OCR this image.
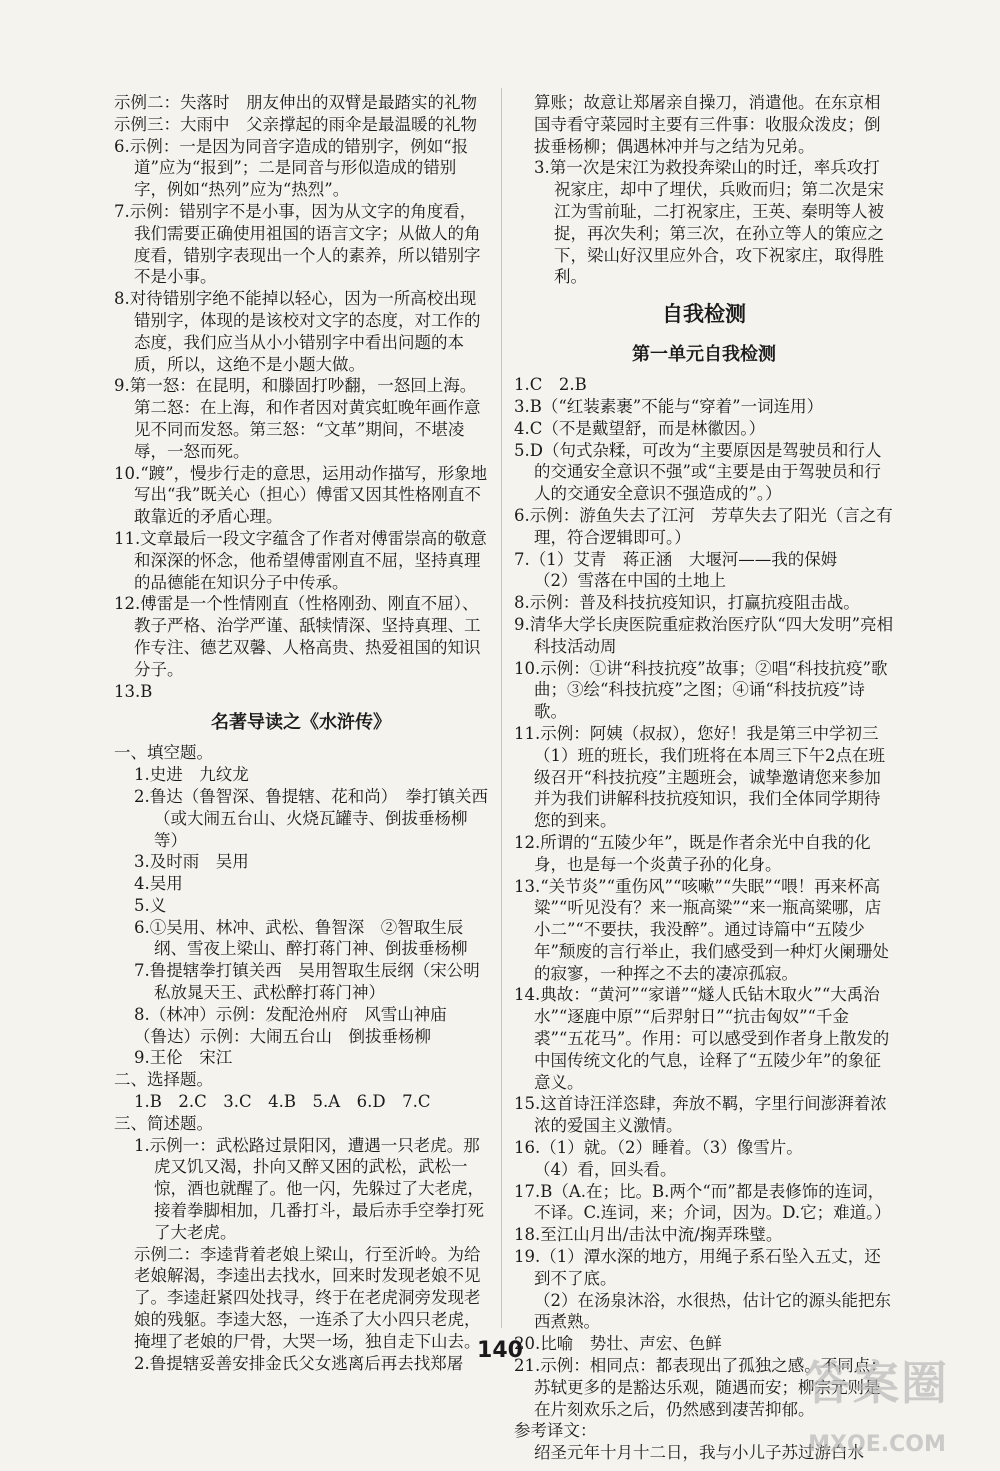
示例二：失落时　朋友伸出的双臂是最踏实的礼物

示例三：大雨中　父亲撑起的雨伞是最温暖的礼物

6.示例：一是因为同音字造成的错别字，例如“报道”应为“报到”；二是同音与形似造成的错别字，例如“热列”应为“热烈”。

7.示例：错别字不是小事，因为从文字的角度看，我们需要正确使用祖国的语言文字；从做人的角度看，错别字表现出一个人的素养，所以错别字不是小事。

8.对待错别字绝不能掉以轻心，因为一所高校出现错别字，体现的是该校对文字的态度，对工作的态度，我们应当从小小错别字中看出问题的本质，所以，这绝不是小题大做。

9.第一怒：在昆明，和滕固打吵翻，一怒回上海。第二怒：在上海，和作者因对黄宾虹晚年画作意见不同而发怒。第三怒：“文革”期间，不堪凌辱，一怒而死。

10.“踱”，慢步行走的意思，运用动作描写，形象地写出“我”既关心（担心）傅雷又因其性格刚直不敢靠近的矛盾心理。

11.文章最后一段文字蕴含了作者对傅雷崇高的敬意和深深的怀念，他希望傅雷刚直不屈，坚持真理的品德能在知识分子中传承。

12.傅雷是一个性情刚直（性格刚劲、刚直不屈）、教子严格、治学严谨、舐犊情深、坚持真理、工作专注、德艺双馨、人格高贵、热爱祖国的知识分子。

13.B

名著导读之《水浒传》

一、填空题。

1.史进　九纹龙

2.鲁达（鲁智深、鲁提辖、花和尚）　拳打镇关西（或大闹五台山、火烧瓦罐寺、倒拔垂杨柳等）

3.及时雨　吴用

4.吴用

5.义

6.①吴用、林冲、武松、鲁智深　②智取生辰纲、雪夜上梁山、醉打蒋门神、倒拔垂杨柳

7.鲁提辖拳打镇关西　吴用智取生辰纲（宋公明私放晁天王、武松醉打蒋门神）

8.（林冲）示例：发配沧州府　风雪山神庙

（鲁达）示例：大闹五台山　倒拔垂杨柳

9.王伦　宋江

二、选择题。

1.B　2.C　3.C　4.B　5.A　6.D　7.C

三、简述题。

1.示例一：武松路过景阳冈，遭遇一只老虎。那虎又饥又渴，扑向又醉又困的武松，武松一惊，酒也就醒了。他一闪，先躲过了大老虎，接着拳脚相加，几番打斗，最后赤手空拳打死了大老虎。

示例二：李逵背着老娘上梁山，行至沂岭。为给老娘解渴，李逵出去找水，回来时发现老娘不见了。李逵赶紧四处找寻，终于在老虎洞旁发现老娘的残躯。李逵大怒，一连杀了大小四只老虎，掩埋了老娘的尸骨，大哭一场，独自走下山去。

2.鲁提辖妥善安排金氏父女逃离后再去找郑屠

算账；故意让郑屠亲自操刀，消遣他。在东京相国寺看守菜园时主要有三件事：收服众泼皮；倒拔垂杨柳；偶遇林冲并与之结为兄弟。

3.第一次是宋江为救投奔梁山的时迁，率兵攻打祝家庄，却中了埋伏，兵败而归；第二次是宋江为雪前耻，二打祝家庄，王英、秦明等人被捉，再次失利；第三次，在孙立等人的策应之下，梁山好汉里应外合，攻下祝家庄，取得胜利。

自我检测

第一单元自我检测

1.C　2.B

3.B（“红装素裹”不能与“穿着”一词连用）

4.C（不是戴望舒，而是林徽因。）

5.D（句式杂糅，可改为“主要原因是驾驶员和行人的交通安全意识不强”或“主要是由于驾驶员和行人的交通安全意识不强造成的”。）

6.示例：游鱼失去了江河　芳草失去了阳光（言之有理，符合逻辑即可。）

7.（1）艾青　蒋正涵　大堰河——我的保姆

（2）雪落在中国的土地上

8.示例：普及科技抗疫知识，打赢抗疫阻击战。

9.清华大学长庚医院重症救治医疗队“四大发明”亮相科技活动周

10.示例：①讲“科技抗疫”故事；②唱“科技抗疫”歌曲；③绘“科技抗疫”之图；④诵“科技抗疫”诗歌。

11.示例：阿姨（叔叔），您好！我是第三中学初三（1）班的班长，我们班将在本周三下午2点在班级召开“科技抗疫”主题班会，诚挚邀请您来参加并为我们讲解科技抗疫知识，我们全体同学期待您的到来。

12.所谓的“五陵少年”，既是作者余光中自我的化身，也是每一个炎黄子孙的化身。

13.“关节炎”“重伤风”“咳嗽”“失眠”“喂！再来杯高粱”“听见没有？来一瓶高粱”“来一瓶高粱哪，店小二”“不要扶，我没醉”。通过诗篇中“五陵少年”颓废的言行举止，我们感受到一种灯火阑珊处的寂寥，一种挥之不去的凄凉孤寂。

14.典故：“黄河”“家谱”“燧人氏钻木取火”“大禹治水”“逐鹿中原”“后羿射日”“抗击匈奴”“千金裘”“五花马”。作用：可以感受到作者身上散发的中国传统文化的气息，诠释了“五陵少年”的象征意义。

15.这首诗汪洋恣肆，奔放不羁，字里行间澎湃着浓浓的爱国主义激情。

16.（1）就。（2）睡着。（3）像雪片。

（4）看，回头看。

17.B（A.在；比。B.两个“而”都是表修饰的连词，不译。C.连词，来；介词，因为。D.它；难道。）

18.至江山月出/击汰中流/掬弄珠璧。

19.（1）潭水深的地方，用绳子系石坠入五丈，还到不了底。

（2）在汤泉沐浴，水很热，估计它的源头能把东西煮熟。

20.比喻　势壮、声宏、色鲜

21.示例：相同点：都表现出了孤独之感。不同点：苏轼更多的是豁达乐观，随遇而安；柳宗元则是在片刻欢乐之后，仍然感到凄苦抑郁。

参考译文：

绍圣元年十月十二日，我与小儿子苏过游白水

140
答案圈
MXQE.COM
